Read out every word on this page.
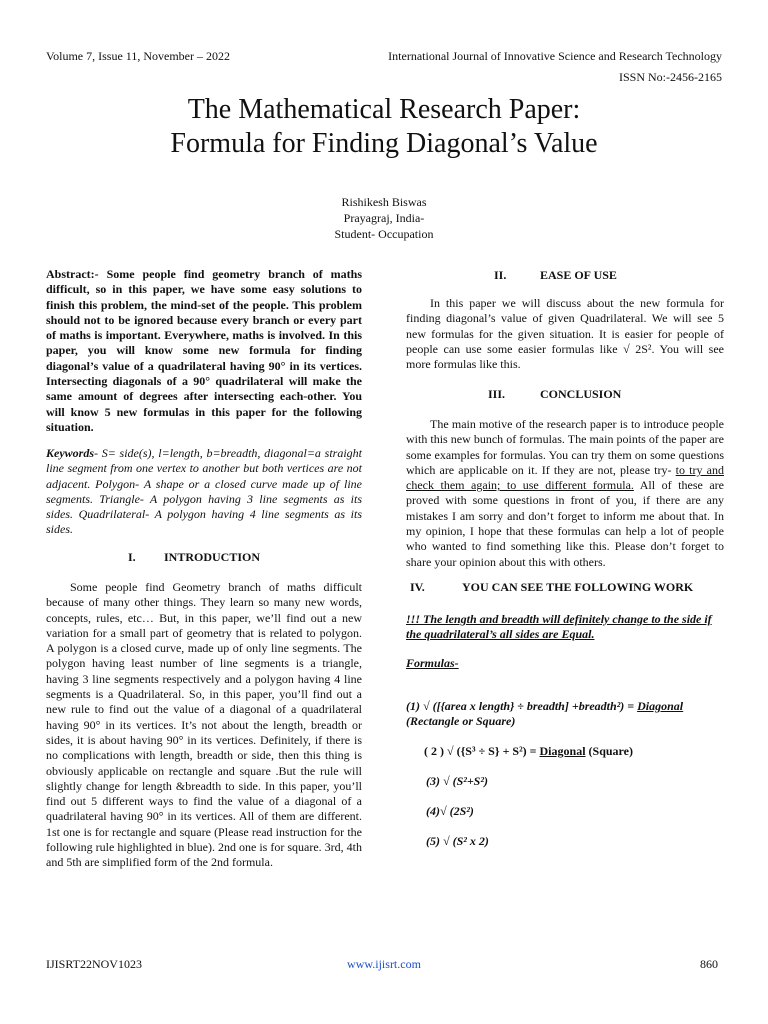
Volume 7, Issue 11, November – 2022	International Journal of Innovative Science and Research Technology
ISSN No:-2456-2165
The Mathematical Research Paper:
Formula for Finding Diagonal’s Value
Rishikesh Biswas
Prayagraj, India-
Student- Occupation

Abstract:- Some people find geometry branch of maths difficult, so in this paper, we have some easy solutions to finish this problem, the mind-set of the people. This problem should not to be ignored because every branch or every part of maths is important. Everywhere, maths is involved. In this paper, you will know some new formula for finding diagonal’s value of a quadrilateral having 90° in its vertices. Intersecting diagonals of a 90° quadrilateral will make the same amount of degrees after intersecting each-other. You will know 5 new formulas in this paper for the following situation.

Keywords- S= side(s), l=length, b=breadth, diagonal=a straight line segment from one vertex to another but both vertices are not adjacent. Polygon- A shape or a closed curve made up of line segments. Triangle- A polygon having 3 line segments as its sides. Quadrilateral- A polygon having 4 line segments as its sides.

I. INTRODUCTION

Some people find Geometry branch of maths difficult because of many other things. They learn so many new words, concepts, rules, etc… But, in this paper, we’ll find out a new variation for a small part of geometry that is related to polygon. A polygon is a closed curve, made up of only line segments. The polygon having least number of line segments is a triangle, having 3 line segments respectively and a polygon having 4 line segments is a Quadrilateral. So, in this paper, you’ll find out a new rule to find out the value of a diagonal of a quadrilateral having 90° in its vertices. It’s not about the length, breadth or sides, it is about having 90° in its vertices. Definitely, if there is no complications with length, breadth or side, then this thing is obviously applicable on rectangle and square .But the rule will slightly change for length &breadth to side. In this paper, you’ll find out 5 different ways to find the value of a diagonal of a quadrilateral having 90° in its vertices. All of them are different. 1st one is for rectangle and square (Please read instruction for the following rule highlighted in blue). 2nd one is for square. 3rd, 4th and 5th are simplified form of the 2nd formula.

II.	EASE OF USE

In this paper we will discuss about the new formula for finding diagonal’s value of given Quadrilateral. We will see 5 new formulas for the given situation. It is easier for people of people can use some easier formulas like √ 2S². You will see more formulas like this.

III.	CONCLUSION

The main motive of the research paper is to introduce people with this new bunch of formulas. The main points of the paper are some examples for formulas. You can try them on some questions which are applicable on it. If they are not, please try- to try and check them again; to use different formula. All of these are proved with some questions in front of you, if there are any mistakes I am sorry and don’t forget to inform me about that. In my opinion, I hope that these formulas can help a lot of people who wanted to find something like this. Please don’t forget to share your opinion about this with others.

IV.	YOU CAN SEE THE FOLLOWING WORK
!!! The length and breadth will definitely change to the side if the quadrilateral’s all sides are Equal.
Formulas-
(1) √ ([{area x length} ÷ breadth] +breadth²) = Diagonal
(Rectangle or Square)
( 2 ) √ ({S³ ÷ S} + S²) = Diagonal (Square)
(3) √ (S²+S²)
(4)√ (2S²)
(5) √ (S² x 2)
IJISRT22NOV1023	www.ijisrt.com	860
